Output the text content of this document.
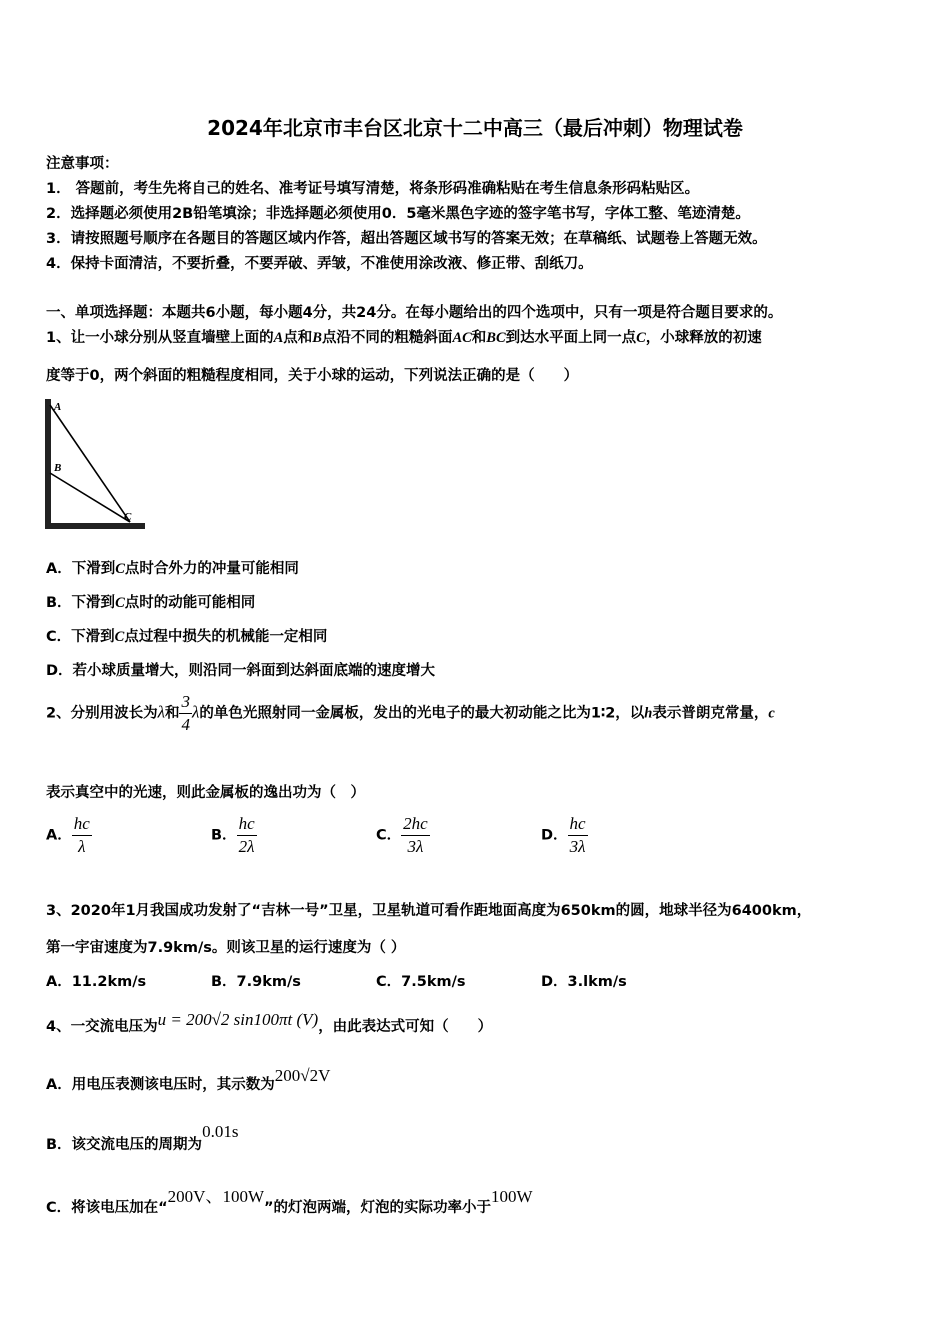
2024年北京市丰台区北京十二中高三（最后冲刺）物理试卷
注意事项：
1． 答题前，考生先将自己的姓名、准考证号填写清楚，将条形码准确粘贴在考生信息条形码粘贴区。
2．选择题必须使用2B铅笔填涂；非选择题必须使用0．5毫米黑色字迹的签字笔书写，字体工整、笔迹清楚。
3．请按照题号顺序在各题目的答题区域内作答，超出答题区域书写的答案无效；在草稿纸、试题卷上答题无效。
4．保持卡面清洁，不要折叠，不要弄破、弄皱，不准使用涂改液、修正带、刮纸刀。
一、单项选择题：本题共6小题，每小题4分，共24分。在每小题给出的四个选项中，只有一项是符合题目要求的。
1、让一小球分别从竖直墙壁上面的A点和B点沿不同的粗糙斜面AC和BC到达水平面上同一点C，小球释放的初速
度等于0，两个斜面的粗糙程度相同，关于小球的运动，下列说法正确的是（　　）
A
B
C
A．下滑到C点时合外力的冲量可能相同
B．下滑到C点时的动能可能相同
C．下滑到C点过程中损失的机械能一定相同
D．若小球质量增大，则沿同一斜面到达斜面底端的速度增大
2、分别用波长为λ和 $\frac{3}{4}$ λ的单色光照射同一金属板，发出的光电子的最大初动能之比为1∶2，以h表示普朗克常量，c
表示真空中的光速，则此金属板的逸出功为（　）
A． $\frac{hc}{\lambda}$	B． $\frac{hc}{2\lambda}$	C． $\frac{2hc}{3\lambda}$	D． $\frac{hc}{3\lambda}$
3、2020年1月我国成功发射了“吉林一号”卫星，卫星轨道可看作距地面高度为650km的圆，地球半径为6400km，
第一宇宙速度为7.9km/s。则该卫星的运行速度为（ ）
A．11.2km/s	B．7.9km/s	C．7.5km/s	D．3.lkm/s
4、一交流电压为u = 200√2 sin100πt (V)，由此表达式可知（　　）
A．用电压表测该电压时，其示数为200√2V
B．该交流电压的周期为0.01s
C．将该电压加在“200V、100W”的灯泡两端，灯泡的实际功率小于100W
